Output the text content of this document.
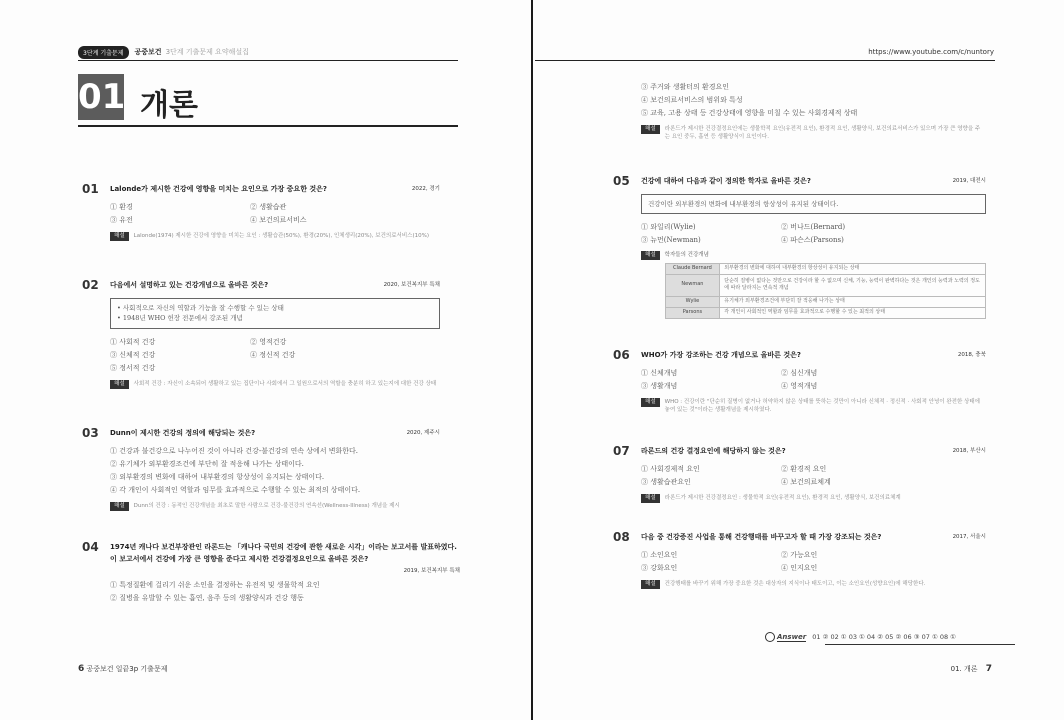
3단계 기출문제	공중보건 3단계 기출문제 요약해설집
01 개론
01 Lalonde가 제시한 건강에 영향을 미치는 요인으로 가장 중요한 것은?	2022, 경기
① 환경	② 생활습관
③ 유전	④ 보건의료서비스
해설	Lalonde(1974) 제시한 건강에 영향을 미치는 요인 : 생활습관(50%), 환경(20%), 인체생리(20%), 보건의료서비스(10%)
02 다음에서 설명하고 있는 건강개념으로 올바른 것은?	2020, 보건복지부 특채
• 사회적으로 자신의 역할과 기능을 잘 수행할 수 있는 상태
• 1948년 WHO 헌장 전문에서 강조된 개념
① 사회적 건강	② 영적건강
③ 신체적 건강	④ 정신적 건강
⑤ 정서적 건강
해설	사회적 건강 : 자신이 소속되어 생활하고 있는 집단이나 사회에서 그 일원으로서의 역할을 충분히 하고 있는지에 대한 건강 상태
03 Dunn이 제시한 건강의 정의에 해당되는 것은?	2020, 제주시
① 건강과 불건강으로 나누어진 것이 아니라 건강-불건강의 연속 상에서 변화한다.
② 유기체가 외부환경조건에 부단히 잘 적응해 나가는 상태이다.
③ 외부환경의 변화에 대하여 내부환경의 항상성이 유지되는 상태이다.
④ 각 개인이 사회적인 역할과 임무를 효과적으로 수행할 수 있는 최적의 상태이다.
해설	Dunn의 건강 : 동적인 건강개념을 최초로 말한 사람으로 건강-불건강의 연속선(Wellness-Illness) 개념을 제시
04 1974년 캐나다 보건부장관인 라론드는 「캐나다 국민의 건강에 관한 새로운 시각」이라는 보고서를 발표하였다. 이 보고서에서 건강에 가장 큰 영향을 준다고 제시한 건강결정요인으로 올바른 것은?
2019, 보건복지부 특채
① 특정질환에 걸리기 쉬운 소인을 결정하는 유전적 및 생물학적 요인
② 질병을 유발할 수 있는 흡연, 음주 등의 생활양식과 건강 행동
6 공중보건 일끝3p 기출문제
https://www.youtube.com/c/nuntory
③ 주거와 생활터의 환경요인
④ 보건의료서비스의 범위와 특성
⑤ 교육, 고용 상태 등 건강상태에 영향을 미칠 수 있는 사회경제적 상태
해설	라론드가 제시한 건강결정요인에는 생물학적 요인(유전적 요인), 환경적 요인, 생활양식, 보건의료서비스가 있으며 가장 큰 영향을 주는 요인 중두, 흡연 등 생활양식이 요인이다.
05 건강에 대하여 다음과 같이 정의한 학자로 올바른 것은?	2019, 대전시
건강이란 외부환경의 변화에 내부환경의 항상성이 유지된 상태이다.
① 와일리(Wylie)	② 버나드(Bernard)
③ 뉴먼(Newman)	④ 파슨스(Parsons)
해설	학자들의 건강개념
Claude Bernard	외부환경의 변화에 대하여 내부환경의 항상성이 유지되는 상태
Newman	단순히 질병이 없다는 것만으로 건강이라 할 수 없으며 신체, 기능, 능력이 완벽하다는 것은 개인의 능력과 노력의 정도에 따라 달라지는 연속적 개념
Wylie	유기체가 외부환경조건에 부단히 잘 적응해 나가는 상태
Parsons	각 개인이 사회적인 역할과 임무를 효과적으로 수행할 수 있는 최적의 상태
06 WHO가 가장 강조하는 건강 개념으로 올바른 것은?	2018, 충북
① 신체개념	② 심신개념
③ 생활개념	④ 영적개념
해설	WHO : 건강이란 "단순히 질병이 없거나 허약하지 않은 상태를 뜻하는 것만이 아니라 신체적 · 정신적 · 사회적 안녕이 완전한 상태에 놓여 있는 것"이라는 생활개념을 제시하였다.
07 라론드의 건강 결정요인에 해당하지 않는 것은?	2018, 부산시
① 사회경제적 요인	② 환경적 요인
③ 생활습관요인	④ 보건의료체계
해설	라론드가 제시한 건강결정요인 : 생물학적 요인(유전적 요인), 환경적 요인, 생활양식, 보건의료체계
08 다음 중 건강증진 사업을 통해 건강행태를 바꾸고자 할 때 가장 강조되는 것은?	2017, 서울시
① 소인요인	② 가능요인
③ 강화요인	④ 인지요인
해설	건강행태를 바꾸기 위해 가장 중요한 것은 대상자의 지식이나 태도이고, 이는 소인요인(성향요인)에 해당한다.
Answer 01 ② 02 ① 03 ① 04 ② 05 ② 06 ③ 07 ① 08 ①
01. 개론 7
